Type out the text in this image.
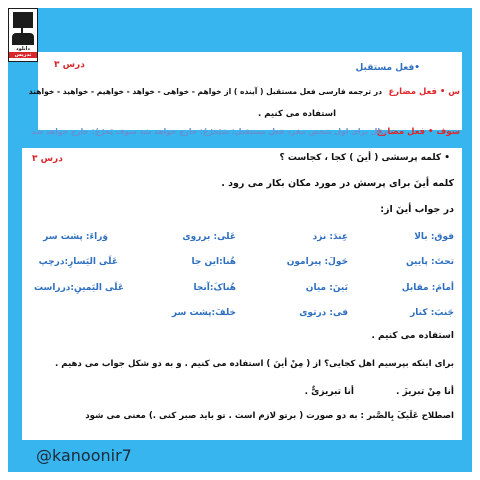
دانلود
تدریس
•فعل مستقبل
درس ۳
س • فعل مضارع
در ترجمه فارسی فعل مستقبل ( آینده ) از خواهم - خواهی - خواهد - خواهیم - خواهید - خواهند
استفاده می کنیم .
سوف • فعل مضارع
مثال برای اول شخص مفرد فعل مستقبل: سَیَخرُجُ: خارج خواهد شد سوف یَخرُجُ: خارج خواهد شد
درس ۳	• کلمه پرسشی ( أینَ ) کجا ، کجاست ؟
کلمه أینَ برای پرسش در مورد مکان بکار می رود .
در جواب أینَ از:
فوق: بالا
عِندَ: نزد
عَلی: برروی
وَراءَ: پشت سر
تحتَ: پایین
حَولَ: پیرامون
هُنا:این جا
عَلَی الیَسارِ:درچپ
أمامَ: مقابل
بَینَ: میان
هُناکَ:آنجا
عَلَی الیَمینِ:درراست
جَنبَ: کنار
فی: درتوی
خلفَ:پشت سر
استفاده می کنیم .
برای اینکه بپرسیم اهل کجایی؟ از ( مِنْ أینَ ) استفاده می کنیم . و به دو شکل جواب می دهیم .
أنا مِنْ تبریزَ .
أنا تبریزیٌّ .
اصطلاح عَلَیکَ بِالصَّبر : به دو صورت ( برتو لازم است . تو باید صبر کنی .) معنی می شود
@kanoonir7
